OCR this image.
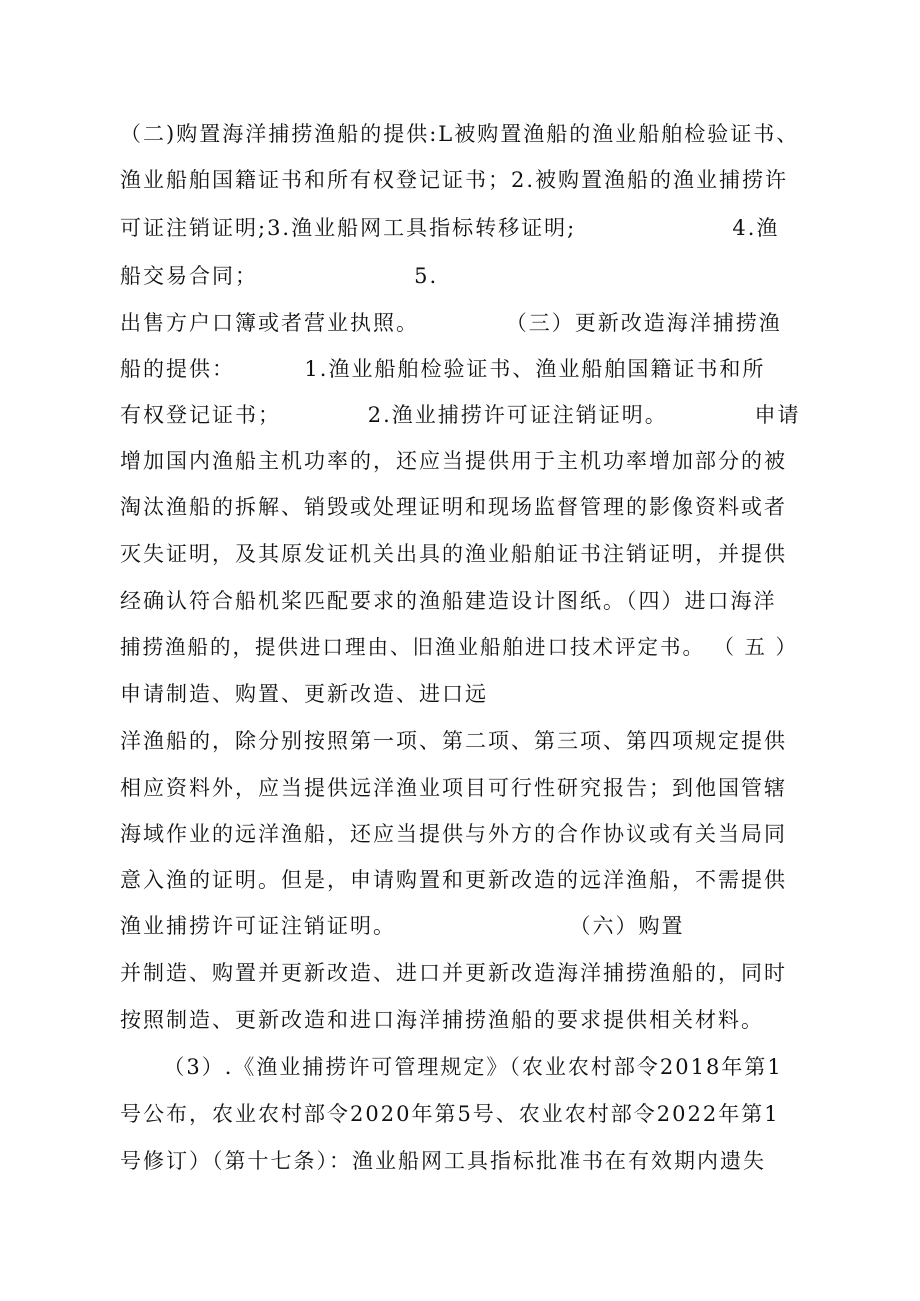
（二)购置海洋捕捞渔船的提供:L被购置渔船的渔业船舶检验证书、
渔业船舶国籍证书和所有权登记证书；2.被购置渔船的渔业捕捞许
可证注销证明;3.渔业船网工具指标转移证明;                  4.渔
船交易合同；                  5.
出售方户口簿或者营业执照。          （三）更新改造海洋捕捞渔
船的提供：        1.渔业船舶检验证书、渔业船舶国籍证书和所
有权登记证书；          2.渔业捕捞许可证注销证明。          申请
增加国内渔船主机功率的，还应当提供用于主机功率增加部分的被
淘汰渔船的拆解、销毁或处理证明和现场监督管理的影像资料或者
灭失证明，及其原发证机关出具的渔业船舶证书注销证明，并提供
经确认符合船机桨匹配要求的渔船建造设计图纸。（四）进口海洋
捕捞渔船的，提供进口理由、旧渔业船舶进口技术评定书。 （ 五 ）
申请制造、购置、更新改造、进口远
洋渔船的，除分别按照第一项、第二项、第三项、第四项规定提供
相应资料外，应当提供远洋渔业项目可行性研究报告；到他国管辖
海域作业的远洋渔船，还应当提供与外方的合作协议或有关当局同
意入渔的证明。但是，申请购置和更新改造的远洋渔船，不需提供
渔业捕捞许可证注销证明。                    （六）购置
并制造、购置并更新改造、进口并更新改造海洋捕捞渔船的，同时
按照制造、更新改造和进口海洋捕捞渔船的要求提供相关材料。
（3）.《渔业捕捞许可管理规定》（农业农村部令2018年第1
号公布，农业农村部令2020年第5号、农业农村部令2022年第1
号修订）（第十七条）：渔业船网工具指标批准书在有效期内遗失
